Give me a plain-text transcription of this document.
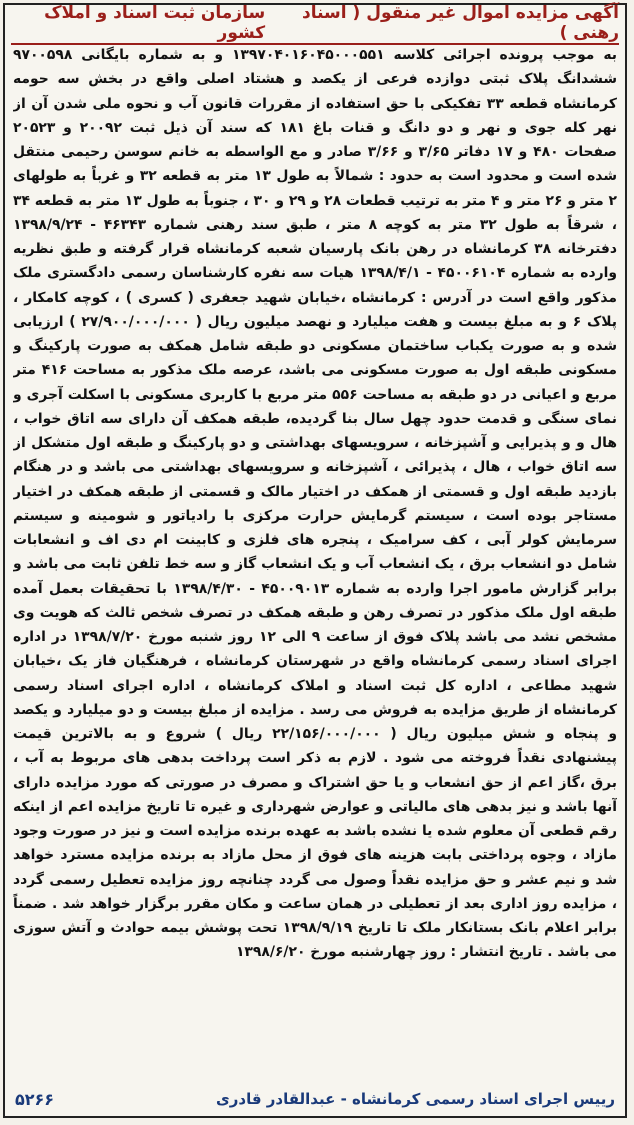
سازمان ثبت اسناد و املاک کشور
آگهی مزایده اموال غیر منقول ( اسناد رهنی )
به موجب پرونده اجرائی کلاسه ۱۳۹۷۰۴۰۱۶۰۴۵۰۰۰۵۵۱ و به شماره بایگانی ۹۷۰۰۵۹۸ ششدانگ پلاک ثبتی دوازده فرعی از یکصد و هشتاد اصلی واقع در بخش سه حومه کرمانشاه قطعه ۳۳ تفکیکی با حق استفاده از مقررات قانون آب و نحوه ملی شدن آن از نهر کله جوی و نهر و دو دانگ و قنات باغ ۱۸۱ که سند آن ذیل ثبت ۲۰۰۹۲ و ۲۰۵۲۳ صفحات ۴۸۰ و ۱۷ دفاتر ۳/۶۵ و ۳/۶۶ صادر و مع الواسطه به خانم سوسن رحیمی منتقل شده است و محدود است به حدود : شمالاً به طول ۱۳ متر به قطعه ۳۲ و غرباً به طولهای ۲ متر و ۲۶ متر و ۴ متر به ترتیب قطعات ۲۸ و ۲۹ و ۳۰ ، جنوباً به طول ۱۳ متر به قطعه ۳۴ ، شرقاً به طول ۳۲ متر به کوچه ۸ متر ، طبق سند رهنی شماره ۴۶۳۴۳ - ۱۳۹۸/۹/۲۴ دفترخانه ۳۸ کرمانشاه در رهن بانک پارسیان شعبه کرمانشاه قرار گرفته و طبق نظریه وارده به شماره ۴۵۰۰۶۱۰۴ - ۱۳۹۸/۴/۱ هیات سه نفره کارشناسان رسمی دادگستری ملک مذکور واقع است در آدرس : کرمانشاه ،خیابان شهید جعفری ( کسری ) ، کوچه کامکار ، پلاک ۶ و به مبلغ بیست و هفت میلیارد و نهصد میلیون ریال ( ۲۷/۹۰۰/۰۰۰/۰۰۰ ) ارزیابی شده و به صورت یکباب ساختمان مسکونی دو طبقه شامل همکف به صورت پارکینگ و مسکونی طبقه اول به صورت مسکونی می باشد، عرصه ملک مذکور به مساحت ۴۱۶ متر مربع و اعیانی در دو طبقه به مساحت ۵۵۶ متر مربع با کاربری مسکونی با اسکلت آجری و نمای سنگی و قدمت حدود چهل سال بنا گردیده، طبقه همکف آن دارای سه اتاق خواب ، هال و و پذیرایی و آشپزخانه ، سرویسهای بهداشتی و دو پارکینگ و طبقه اول متشکل از سه اتاق خواب ، هال ، پذیرائی ، آشپزخانه و سرویسهای بهداشتی می باشد و در هنگام بازدید طبقه اول و قسمتی از همکف در اختیار مالک و قسمتی از طبقه همکف در اختیار مستاجر بوده است ، سیستم گرمایش حرارت مرکزی با رادیاتور و شومینه و سیستم سرمایش کولر آبی ، کف سرامیک ، پنجره های فلزی و کابینت ام دی اف و انشعابات شامل دو انشعاب برق ، یک انشعاب آب و یک انشعاب گاز و سه خط تلفن ثابت می باشد و برابر گزارش مامور اجرا وارده به شماره ۴۵۰۰۹۰۱۳ - ۱۳۹۸/۴/۳۰ با تحقیقات بعمل آمده طبقه اول ملک مذکور در تصرف رهن و طبقه همکف در تصرف شخص ثالث که هویت وی مشخص نشد می باشد پلاک فوق از ساعت ۹ الی ۱۲ روز شنبه مورخ ۱۳۹۸/۷/۲۰ در اداره اجرای اسناد رسمی کرمانشاه واقع در شهرستان کرمانشاه ، فرهنگیان فاز یک ،خیابان شهید مطاعی ، اداره کل ثبت اسناد و املاک کرمانشاه ، اداره اجرای اسناد رسمی کرمانشاه از طریق مزایده به فروش می رسد . مزایده از مبلغ بیست و دو میلیارد و یکصد و پنجاه و شش میلیون ریال ( ۲۲/۱۵۶/۰۰۰/۰۰۰ ریال ) شروع و به بالاترین قیمت پیشنهادی نقداً فروخته می شود . لازم به ذکر است پرداخت بدهی های مربوط به آب ، برق ،گاز اعم از حق انشعاب و یا حق اشتراک و مصرف در صورتی که مورد مزایده دارای آنها باشد و نیز بدهی های مالیاتی و عوارض شهرداری و غیره تا تاریخ مزایده اعم از اینکه رقم قطعی آن معلوم شده یا نشده باشد به عهده برنده مزایده است و نیز در صورت وجود مازاد ، وجوه پرداختی بابت هزینه های فوق از محل مازاد به برنده مزایده مسترد خواهد شد و نیم عشر و حق مزایده نقداً وصول می گردد چنانچه روز مزایده تعطیل رسمی گردد ، مزایده روز اداری بعد از تعطیلی در همان ساعت و مکان مقرر برگزار خواهد شد . ضمناً برابر اعلام بانک بستانکار ملک تا تاریخ ۱۳۹۸/۹/۱۹ تحت پوشش بیمه حوادث و آتش سوزی می باشد . تاریخ انتشار : روز چهارشنبه مورخ ۱۳۹۸/۶/۲۰
۵۲۶۶	رییس اجرای اسناد رسمی کرمانشاه - عبدالقادر قادری
